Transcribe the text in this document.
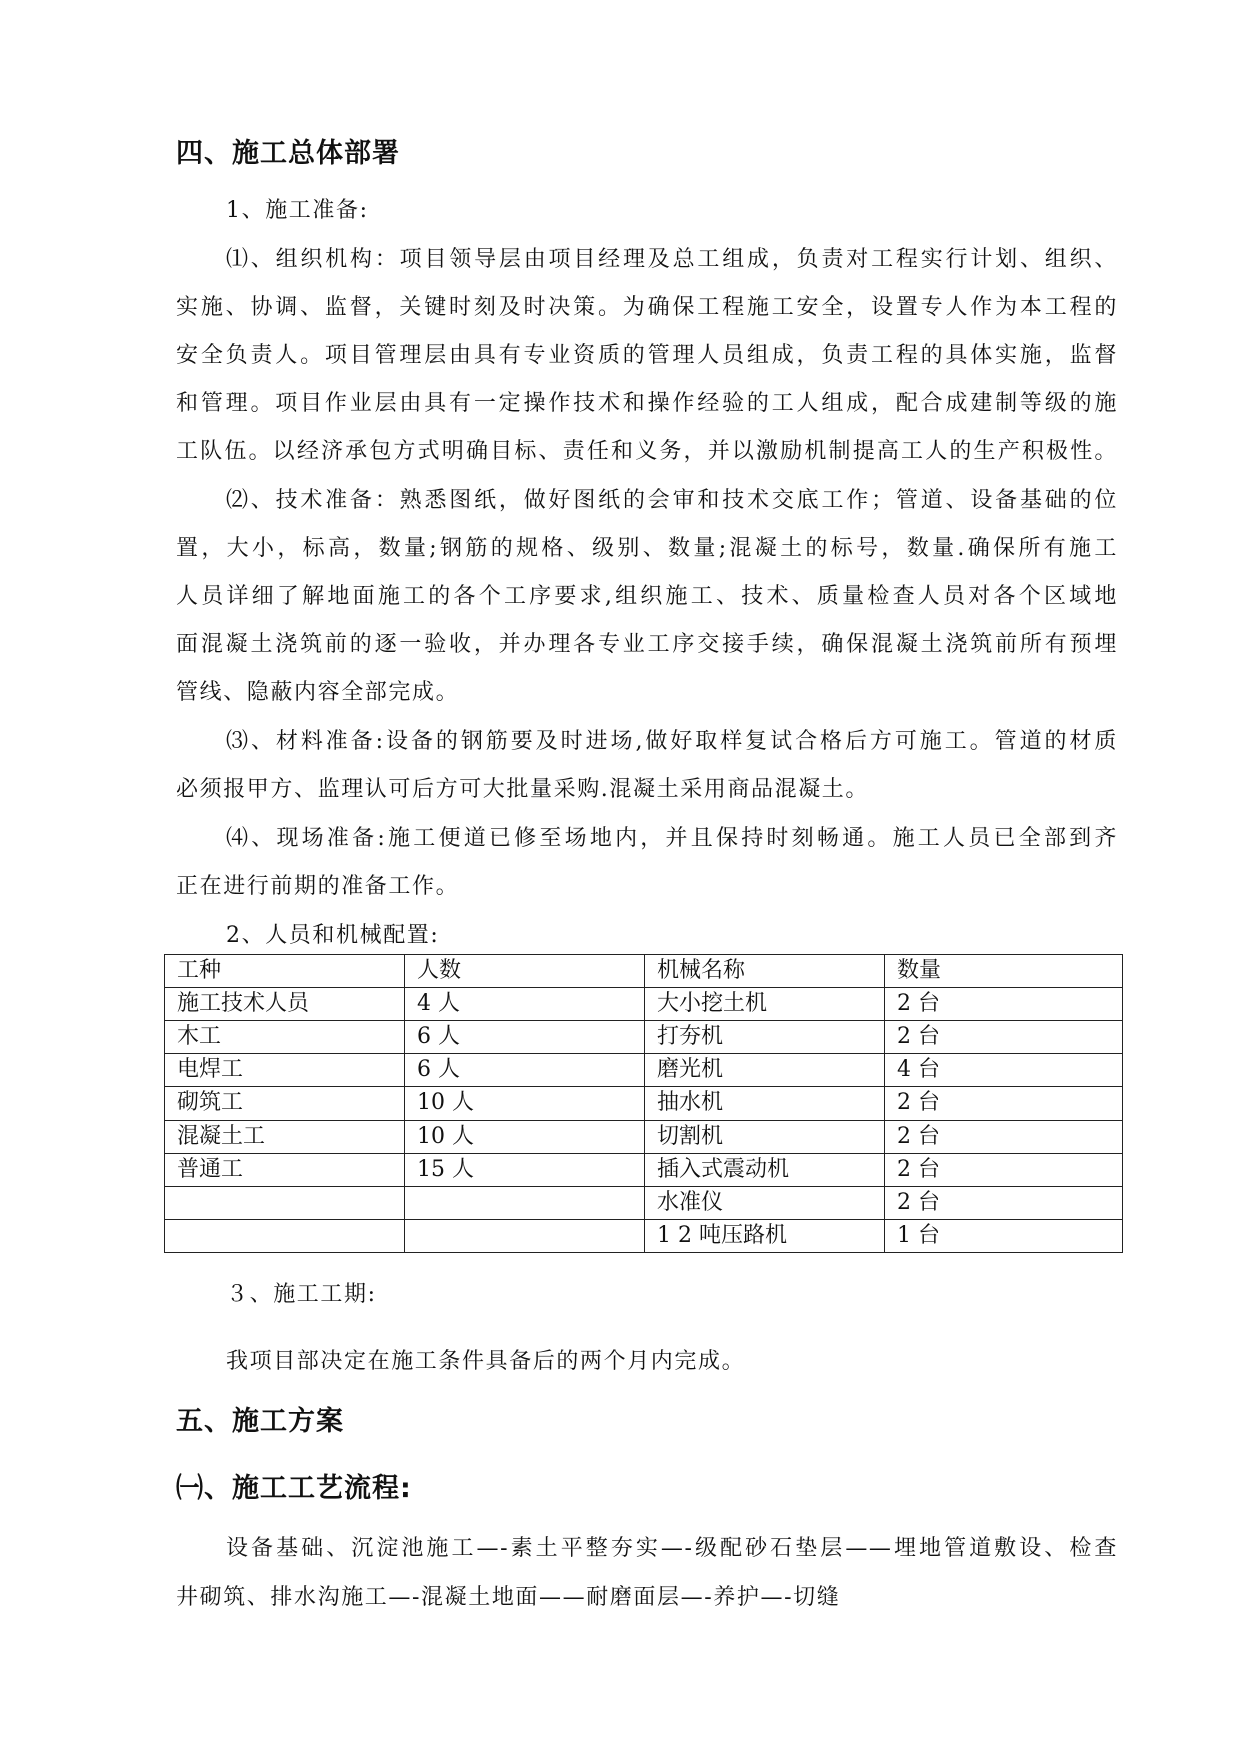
四、施工总体部署
1、施工准备:
⑴、组织机构：项目领导层由项目经理及总工组成，负责对工程实行计划、组织、
实施、协调、监督，关键时刻及时决策。为确保工程施工安全，设置专人作为本工程的
安全负责人。项目管理层由具有专业资质的管理人员组成，负责工程的具体实施，监督
和管理。项目作业层由具有一定操作技术和操作经验的工人组成，配合成建制等级的施
工队伍。以经济承包方式明确目标、责任和义务，并以激励机制提高工人的生产积极性。
⑵、技术准备：熟悉图纸，做好图纸的会审和技术交底工作；管道、设备基础的位
置，大小，标高，数量;钢筋的规格、级别、数量;混凝土的标号，数量.确保所有施工
人员详细了解地面施工的各个工序要求,组织施工、技术、质量检查人员对各个区域地
面混凝土浇筑前的逐一验收，并办理各专业工序交接手续，确保混凝土浇筑前所有预埋
管线、隐蔽内容全部完成。
⑶、材料准备:设备的钢筋要及时进场,做好取样复试合格后方可施工。管道的材质
必须报甲方、监理认可后方可大批量采购.混凝土采用商品混凝土。
⑷、现场准备:施工便道已修至场地内，并且保持时刻畅通。施工人员已全部到齐
正在进行前期的准备工作。
2、人员和机械配置:
工种	人数	机械名称	数量
施工技术人员	4 人	大小挖土机	2 台
木工	6 人	打夯机	2 台
电焊工	6 人	磨光机	4 台
砌筑工	10 人	抽水机	2 台
混凝土工	10 人	切割机	2 台
普通工	15 人	插入式震动机	2 台
		水准仪	2 台
		1 2 吨压路机	1 台
３、施工工期:
我项目部决定在施工条件具备后的两个月内完成。
五、施工方案
㈠、施工工艺流程:
设备基础、沉淀池施工—-素土平整夯实—-级配砂石垫层——埋地管道敷设、检查
井砌筑、排水沟施工—-混凝土地面——耐磨面层—-养护—-切缝
